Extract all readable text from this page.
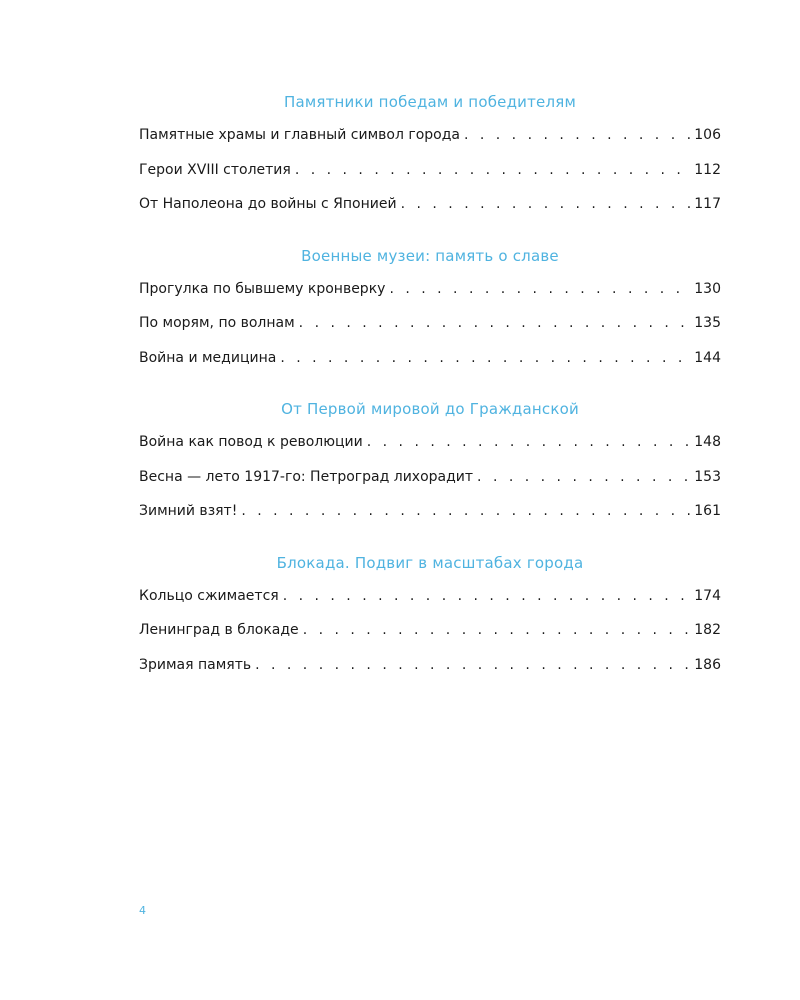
Памятники победам и победителям
Памятные храмы и главный символ города . . .	106
Герои XVIII столетия . . .	112
От Наполеона до войны с Японией . . .	117
Военные музеи: память о славе
Прогулка по бывшему кронверку . . .	130
По морям, по волнам . . .	135
Война и медицина . . .	144
От Первой мировой до Гражданской
Война как повод к революции . . .	148
Весна — лето 1917-го: Петроград лихорадит . . .	153
Зимний взят! . . .	161
Блокада. Подвиг в масштабах города
Кольцо сжимается . . .	174
Ленинград в блокаде . . .	182
Зримая память . . .	186
4
